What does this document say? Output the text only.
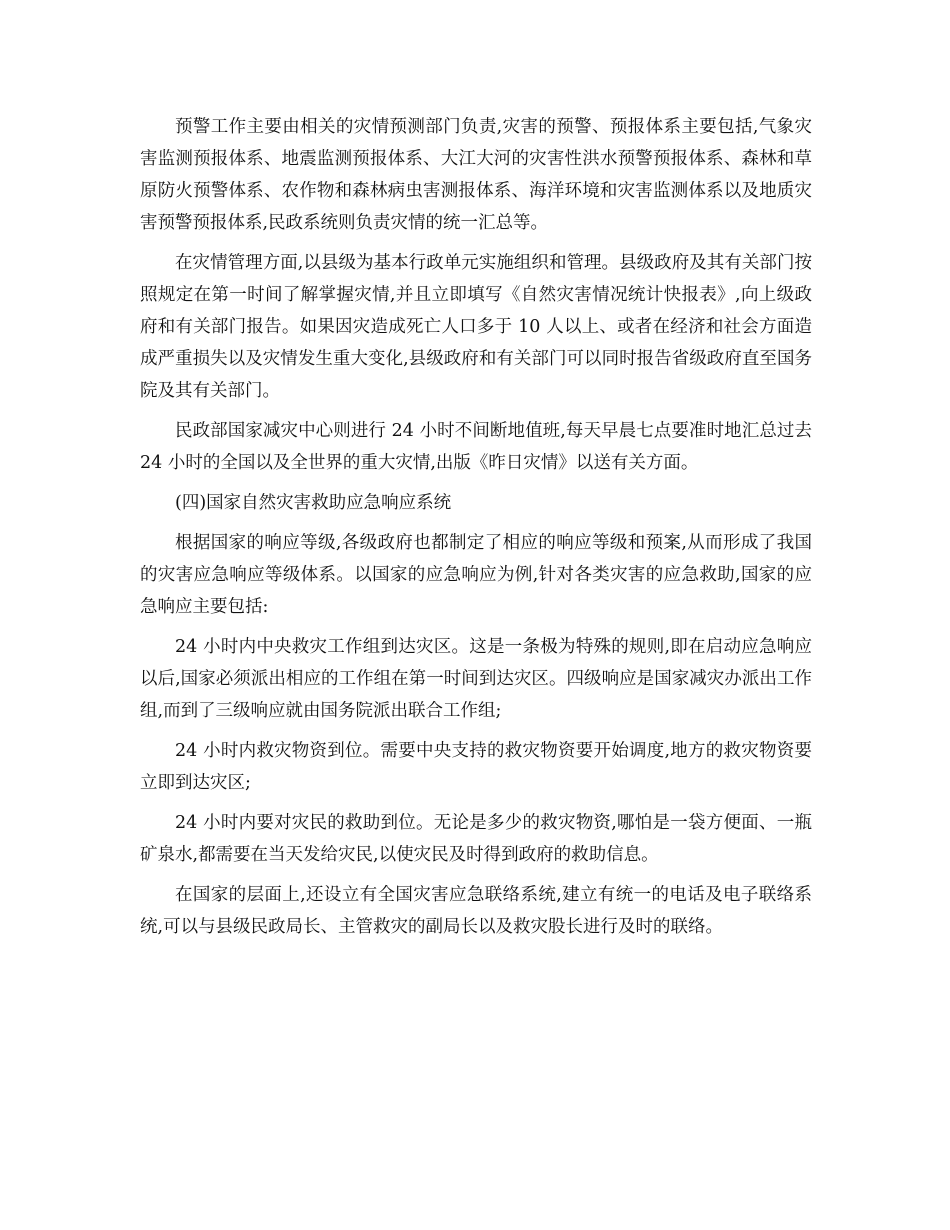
预警工作主要由相关的灾情预测部门负责,灾害的预警、预报体系主要包括,气象灾害监测预报体系、地震监测预报体系、大江大河的灾害性洪水预警预报体系、森林和草原防火预警体系、农作物和森林病虫害测报体系、海洋环境和灾害监测体系以及地质灾害预警预报体系,民政系统则负责灾情的统一汇总等。

在灾情管理方面,以县级为基本行政单元实施组织和管理。县级政府及其有关部门按照规定在第一时间了解掌握灾情,并且立即填写《自然灾害情况统计快报表》,向上级政府和有关部门报告。如果因灾造成死亡人口多于 10 人以上、或者在经济和社会方面造成严重损失以及灾情发生重大变化,县级政府和有关部门可以同时报告省级政府直至国务院及其有关部门。

民政部国家减灾中心则进行 24 小时不间断地值班,每天早晨七点要准时地汇总过去 24 小时的全国以及全世界的重大灾情,出版《昨日灾情》以送有关方面。

(四)国家自然灾害救助应急响应系统

根据国家的响应等级,各级政府也都制定了相应的响应等级和预案,从而形成了我国的灾害应急响应等级体系。以国家的应急响应为例,针对各类灾害的应急救助,国家的应急响应主要包括:

24 小时内中央救灾工作组到达灾区。这是一条极为特殊的规则,即在启动应急响应以后,国家必须派出相应的工作组在第一时间到达灾区。四级响应是国家减灾办派出工作组,而到了三级响应就由国务院派出联合工作组;

24 小时内救灾物资到位。需要中央支持的救灾物资要开始调度,地方的救灾物资要立即到达灾区;

24 小时内要对灾民的救助到位。无论是多少的救灾物资,哪怕是一袋方便面、一瓶矿泉水,都需要在当天发给灾民,以使灾民及时得到政府的救助信息。

在国家的层面上,还设立有全国灾害应急联络系统,建立有统一的电话及电子联络系统,可以与县级民政局长、主管救灾的副局长以及救灾股长进行及时的联络。
